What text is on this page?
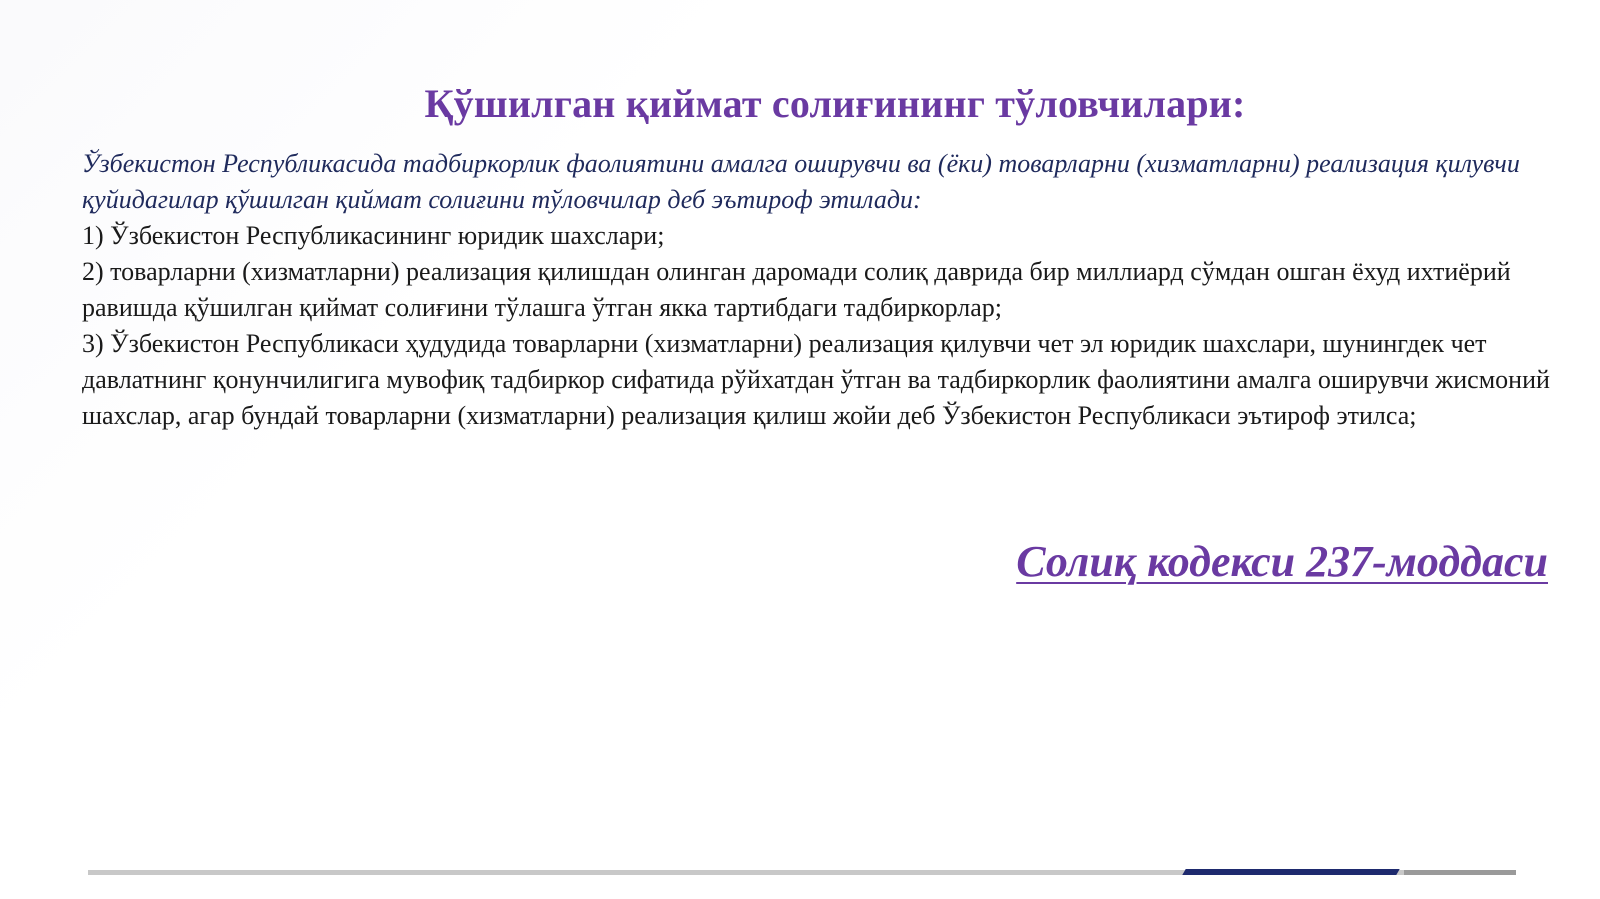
Қўшилган қиймат солиғининг тўловчилари:
Ўзбекистон Республикасида тадбиркорлик фаолиятини амалга оширувчи ва (ёки) товарларни (хизматларни) реализация қилувчи қуйидагилар қўшилган қиймат солиғини тўловчилар деб эътироф этилади:
1) Ўзбекистон Республикасининг юридик шахслари;
2) товарларни (хизматларни) реализация қилишдан олинган даромади солиқ даврида бир миллиард сўмдан ошган ёхуд ихтиёрий равишда қўшилган қиймат солиғини тўлашга ўтган якка тартибдаги тадбиркорлар;
3) Ўзбекистон Республикаси ҳудудида товарларни (хизматларни) реализация қилувчи чет эл юридик шахслари, шунингдек чет давлатнинг қонунчилигига мувофиқ тадбиркор сифатида рўйхатдан ўтган ва тадбиркорлик фаолиятини амалга оширувчи жисмоний шахслар, агар бундай товарларни (хизматларни) реализация қилиш жойи деб Ўзбекистон Республикаси эътироф этилса;
Солиқ кодекси 237-моддаси
